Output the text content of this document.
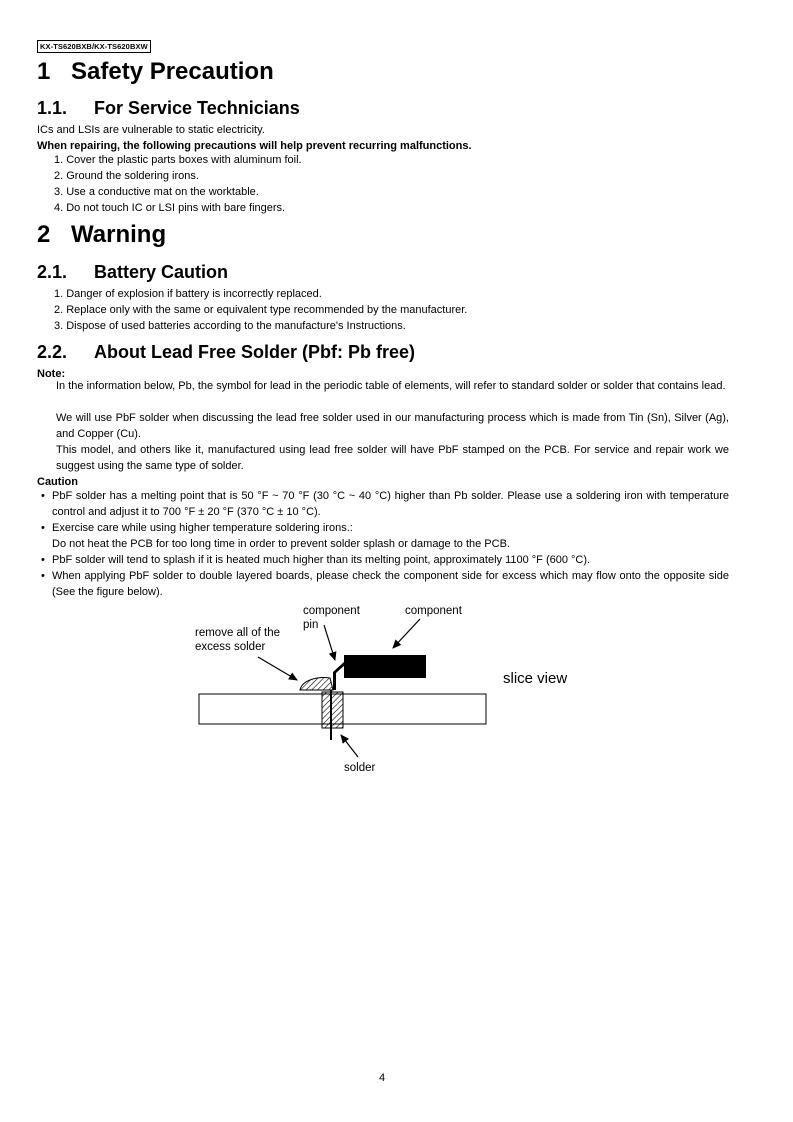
KX-TS620BXB/KX-TS620BXW
1 Safety Precaution
1.1. For Service Technicians
ICs and LSIs are vulnerable to static electricity.
When repairing, the following precautions will help prevent recurring malfunctions.
1. Cover the plastic parts boxes with aluminum foil.
2. Ground the soldering irons.
3. Use a conductive mat on the worktable.
4. Do not touch IC or LSI pins with bare fingers.
2 Warning
2.1. Battery Caution
1. Danger of explosion if battery is incorrectly replaced.
2. Replace only with the same or equivalent type recommended by the manufacturer.
3. Dispose of used batteries according to the manufacture's Instructions.
2.2. About Lead Free Solder (Pbf: Pb free)
Note:
In the information below, Pb, the symbol for lead in the periodic table of elements, will refer to standard solder or solder that contains lead.
We will use PbF solder when discussing the lead free solder used in our manufacturing process which is made from Tin (Sn), Silver (Ag), and Copper (Cu).
This model, and others like it, manufactured using lead free solder will have PbF stamped on the PCB. For service and repair work we suggest using the same type of solder.
Caution
• PbF solder has a melting point that is 50 °F ~ 70 °F (30 °C ~ 40 °C) higher than Pb solder. Please use a soldering iron with temperature control and adjust it to 700 °F ± 20 °F (370 °C ± 10 °C).
• Exercise care while using higher temperature soldering irons.:
Do not heat the PCB for too long time in order to prevent solder splash or damage to the PCB.
• PbF solder will tend to splash if it is heated much higher than its melting point, approximately 1100 °F (600 °C).
• When applying PbF solder to double layered boards, please check the component side for excess which may flow onto the opposite side (See the figure below).
component
pin
component
remove all of the
excess solder
slice view
solder
4
